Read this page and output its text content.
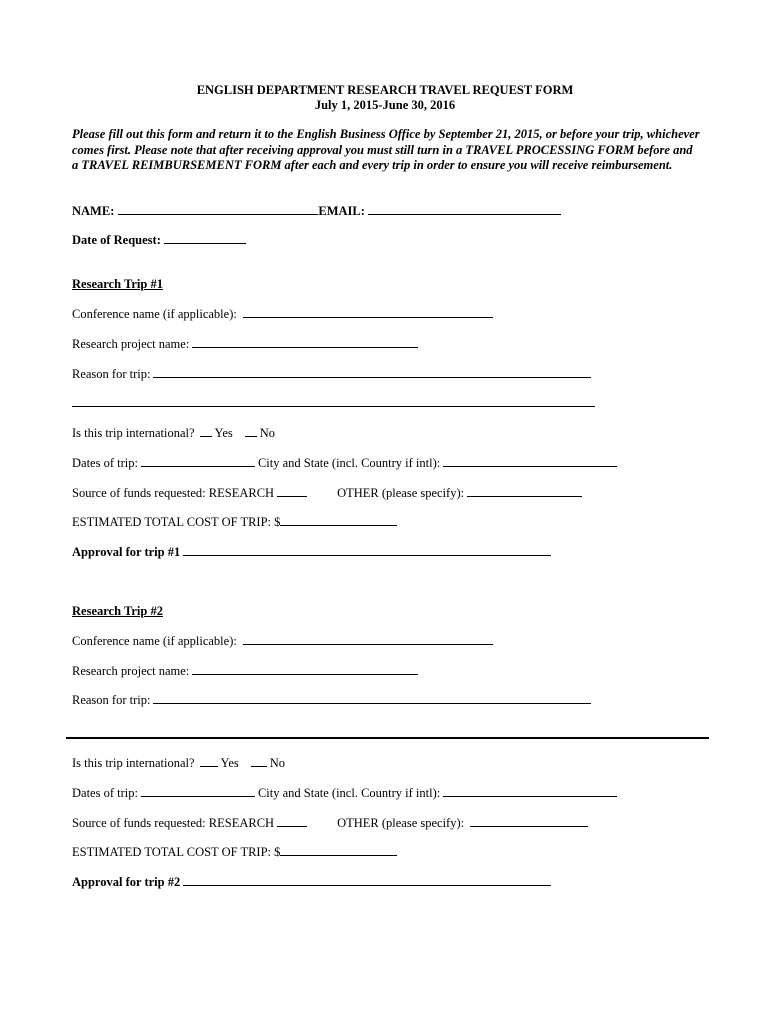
ENGLISH DEPARTMENT RESEARCH TRAVEL REQUEST FORM
July 1, 2015-June 30, 2016
Please fill out this form and return it to the English Business Office by September 21, 2015, or before your trip, whichever
comes first. Please note that after receiving approval you must still turn in a TRAVEL PROCESSING FORM before and
a TRAVEL REIMBURSEMENT FORM after each and every trip in order to ensure you will receive reimbursement.
NAME:	EMAIL:
Date of Request:
Research Trip #1
Conference name (if applicable):
Research project name:
Reason for trip:
Is this trip international? Yes No
Dates of trip:	City and State (incl. Country if intl):
Source of funds requested: RESEARCH	OTHER (please specify):
ESTIMATED TOTAL COST OF TRIP: $
Approval for trip #1
Research Trip #2
Conference name (if applicable):
Research project name:
Reason for trip:
Is this trip international? Yes No
Dates of trip:	City and State (incl. Country if intl):
Source of funds requested: RESEARCH	OTHER (please specify):
ESTIMATED TOTAL COST OF TRIP: $
Approval for trip #2
